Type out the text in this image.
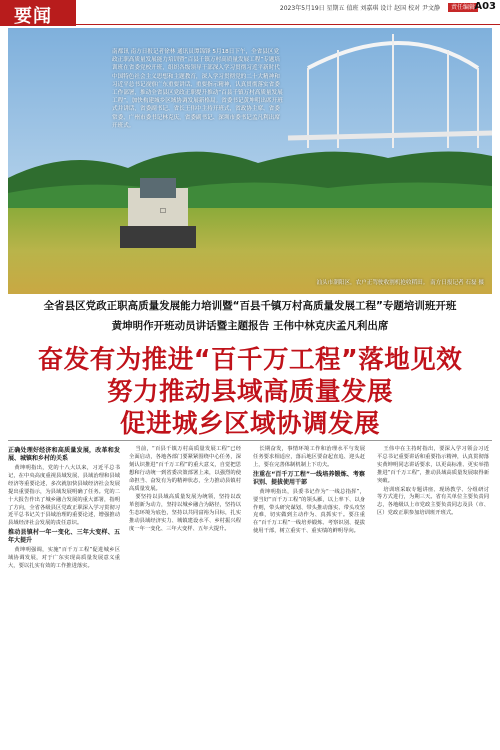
要闻	2023年5月19日 星期五 值班 刘嘉琪 设计 赵国 校对 尹文静	责任编辑 A03
☐
南都讯 南方日报记者徐林 通讯员谭锦锋 5月18日下午，全省县区党政正职高质量发展能力培训暨“百县千镇万村高质量发展工程”专题培训班在省委党校开班，组织各级领导干部深入学习贯彻习近平新时代中国特色社会主义思想和主题教育，深入学习贯彻党的二十大精神和习近平总书记视察广东重要讲话、重要指示精神，认真贯彻落实省委工作部署，推动全省县区党政正职提升推动“百县千镇万村高质量发展工程”，加快构建城乡区域协调发展新格局。省委书记黄坤明出席开班式并讲话，省委副书记、省长王伟中主持开班式，省政协主席、省委常委、广州市委书记林克庆，省委副书记、深圳市委书记孟凡利出席开班式。
汕头市潮阳区，农户正驾驶收割机抢收稻田。 南方日报记者 石磊 摄
全省县区党政正职高质量发展能力培训暨“百县千镇万村高质量发展工程”专题培训班开班
黄坤明作开班动员讲话暨主题报告 王伟中林克庆孟凡利出席
奋发有为推进“百千万工程”落地见效
努力推动县域高质量发展
促进城乡区域协调发展
正确处理好经济和高质量发展，改革和发展、城镇和乡村的关系

黄坤明指出，党的十八大以来，习近平总书记，在中央高度重视县域发展、县域治理和县域经济等重要论述，多次就加快县域经济社会发展提出重要指示，为县域发展明确了任务。党的二十大报告作出了城乡融合发展的重大部署，指明了方向，全省各级县区党政正职深入学习贯彻习近平总书记关于县域治理的重要论述，增强推动县域经济社会发展的责任意识。

推动县镇村一年一变化、三年大变样、五年大提升

黄坤明强调，实施“百千万工程”促进城乡区域协调发展，对于广东实现高质量发展意义重大，要以扎实有效的工作推进落实。

当前，“百县千镇万村高质量发展工程”已经全面启动，各地各部门要紧紧围绕中心任务，深刻认识推进“百千万工程”的重大意义，自觉把思想和行动统一到省委决策部署上来，以强烈的使命担当、奋发有为的精神状态，全力推动县镇村高质量发展。

要坚持以县域高质量发展为统领，坚持以改革创新为动力，坚持以城乡融合为路径，坚持以生态环境为底色，坚持以共同富裕为目标，扎实推动县域经济实力、城镇建设水平、乡村振兴程度一年一变化、三年大变样、五年大提升。

长期奋发，事情环境工作和治理水平与发展任务要求相适应，落后地区要奋起直追、迎头赶上，要在完善体制机制上下功夫。

注重在“百千万工程”一线培养锻炼、考察识别、提拔使用干部

黄坤明指出，县委书记作为“一线总指挥”，要当好“百千万工程”的领头雁，以上率下、以身作则，带头研究谋划、带头推动落实、带头攻坚克难，切实做到主动作为、真抓实干。要注重在“百千万工程”一线培养锻炼、考察识别、提拔使用干部，树立重实干、重实绩的鲜明导向。

王伟中在主持时指出，要深入学习领会习近平总书记重要讲话和重要指示精神，认真贯彻落实黄坤明同志讲话要求，以更高标准、更实举措推进“百千万工程”，推动县域高质量发展取得新突破。

培训班采取专题讲座、现场教学、分组研讨等方式进行，为期三天。省有关单位主要负责同志，各地级以上市党政主要负责同志及县（市、区）党政正职参加培训班开班式。
